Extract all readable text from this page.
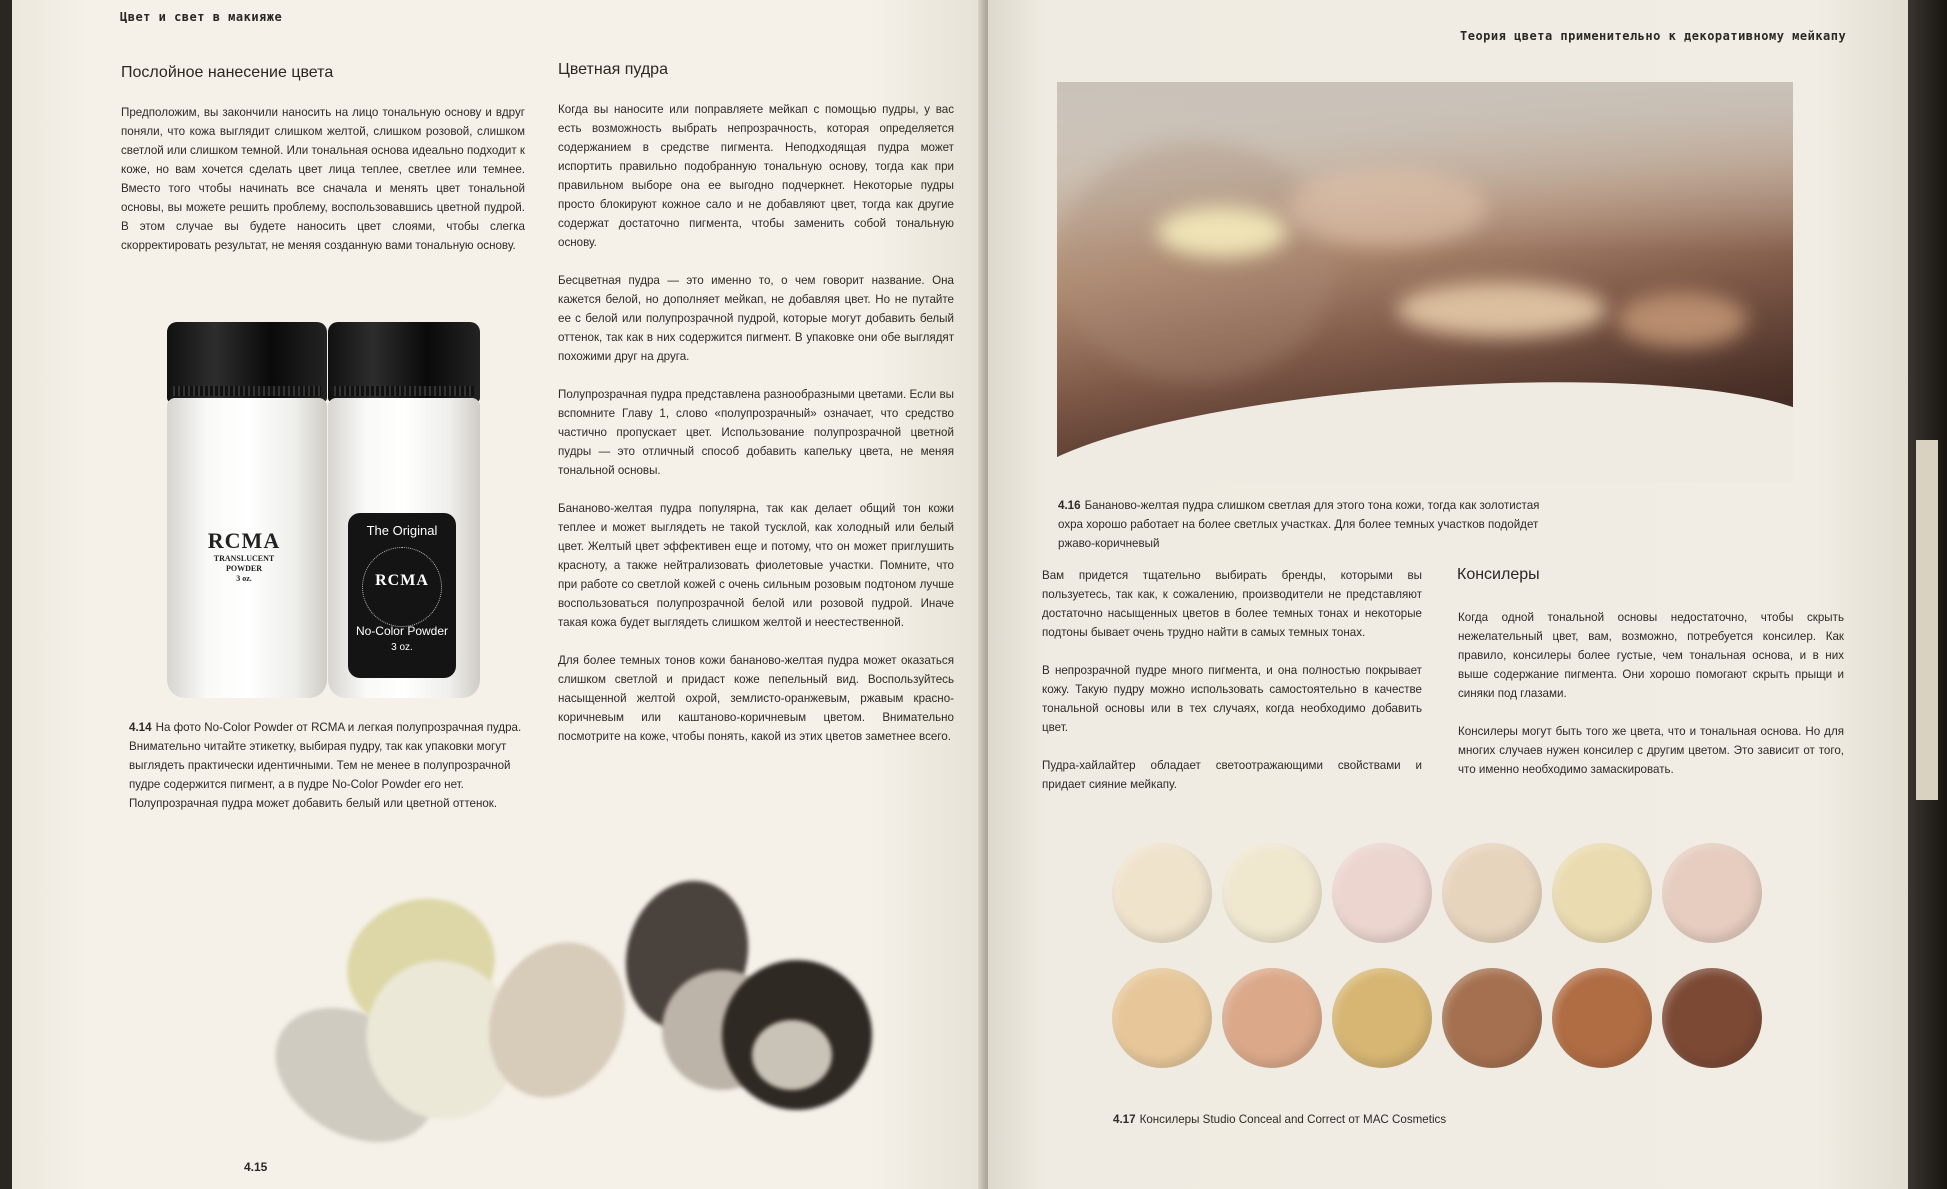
Цвет и свет в макияже
Послойное нанесение цвета

Предположим, вы закончили наносить на лицо тональную основу и вдруг поняли, что кожа выглядит слишком желтой, слишком розовой, слишком светлой или слишком темной. Или тональная основа идеально подходит к коже, но вам хочется сделать цвет лица теплее, светлее или темнее. Вместо того чтобы начинать все сначала и менять цвет тональной основы, вы можете решить проблему, воспользовавшись цветной пудрой. В этом случае вы будете наносить цвет слоями, чтобы слегка скорректировать результат, не меняя созданную вами тональную основу.

RCMA
TRANSLUCENT
POWDER
3 oz.
The Original
RCMA
No-Color Powder
3 oz.
4.14 На фото No-Color Powder от RCMA и легкая полупрозрачная пудра. Внимательно читайте этикетку, выбирая пудру, так как упаковки могут выглядеть практически идентичными. Тем не менее в полупрозрачной пудре содержится пигмент, а в пудре No-Color Powder его нет. Полупрозрачная пудра может добавить белый или цветной оттенок.
4.15
Цветная пудра

Когда вы наносите или поправляете мейкап с помощью пудры, у вас есть возможность выбрать непрозрачность, которая определяется содержанием в средстве пигмента. Неподходящая пудра может испортить правильно подобранную тональную основу, тогда как при правильном выборе она ее выгодно подчеркнет. Некоторые пудры просто блокируют кожное сало и не добавляют цвет, тогда как другие содержат достаточно пигмента, чтобы заменить собой тональную основу.

Бесцветная пудра — это именно то, о чем говорит название. Она кажется белой, но дополняет мейкап, не добавляя цвет. Но не путайте ее с белой или полупрозрачной пудрой, которые могут добавить белый оттенок, так как в них содержится пигмент. В упаковке они обе выглядят похожими друг на друга.

Полупрозрачная пудра представлена разнообразными цветами. Если вы вспомните Главу 1, слово «полупрозрачный» означает, что средство частично пропускает цвет. Использование полупрозрачной цветной пудры — это отличный способ добавить капельку цвета, не меняя тональной основы.

Бананово-желтая пудра популярна, так как делает общий тон кожи теплее и может выглядеть не такой тусклой, как холодный или белый цвет. Желтый цвет эффективен еще и потому, что он может приглушить красноту, а также нейтрализовать фиолетовые участки. Помните, что при работе со светлой кожей с очень сильным розовым подтоном лучше воспользоваться полупрозрачной белой или розовой пудрой. Иначе такая кожа будет выглядеть слишком желтой и неестественной.

Для более темных тонов кожи бананово-желтая пудра может оказаться слишком светлой и придаст коже пепельный вид. Воспользуйтесь насыщенной желтой охрой, землисто-оранжевым, ржавым красно-коричневым или каштаново-коричневым цветом. Внимательно посмотрите на коже, чтобы понять, какой из этих цветов заметнее всего.

Теория цвета применительно к декоративному мейкапу
4.16 Бананово-желтая пудра слишком светлая для этого тона кожи, тогда как золотистая охра хорошо работает на более светлых участках. Для более темных участков подойдет ржаво-коричневый

Вам придется тщательно выбирать бренды, которыми вы пользуетесь, так как, к сожалению, производители не представляют достаточно насыщенных цветов в более темных тонах и некоторые подтоны бывает очень трудно найти в самых темных тонах.

В непрозрачной пудре много пигмента, и она полностью покрывает кожу. Такую пудру можно использовать самостоятельно в качестве тональной основы или в тех случаях, когда необходимо добавить цвет.

Пудра-хайлайтер обладает светоотражающими свойствами и придает сияние мейкапу.

Консилеры

Когда одной тональной основы недостаточно, чтобы скрыть нежелательный цвет, вам, возможно, потребуется консилер. Как правило, консилеры более густые, чем тональная основа, и в них выше содержание пигмента. Они хорошо помогают скрыть прыщи и синяки под глазами.

Консилеры могут быть того же цвета, что и тональная основа. Но для многих случаев нужен консилер с другим цветом. Это зависит от того, что именно необходимо замаскировать.

4.17 Консилеры Studio Conceal and Correct от MAC Cosmetics
